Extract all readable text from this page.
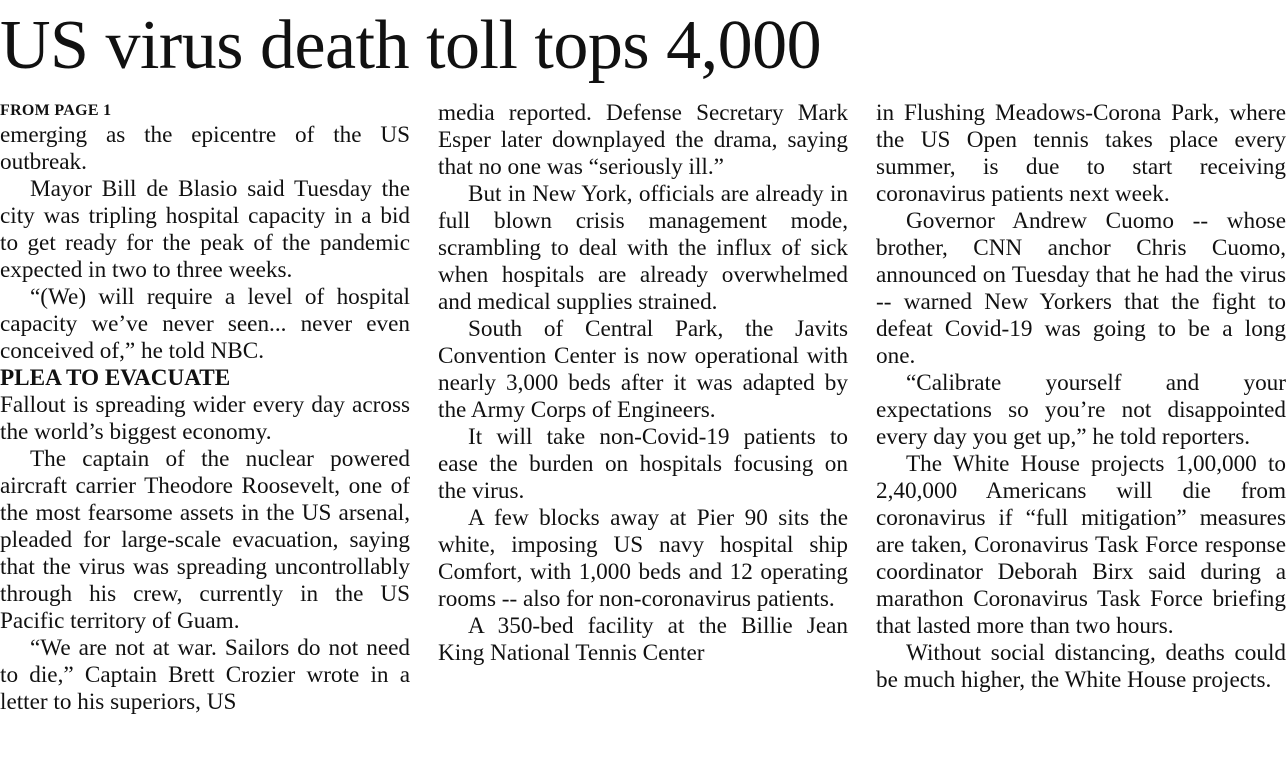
US virus death toll tops 4,000
FROM PAGE 1

emerging as the epicentre of the US outbreak.

Mayor Bill de Blasio said Tuesday the city was tripling hospital capacity in a bid to get ready for the peak of the pandemic expected in two to three weeks.

“(We) will require a level of hospital capacity we’ve never seen... never even conceived of,” he told NBC.

PLEA TO EVACUATE

Fallout is spreading wider every day across the world’s biggest economy.

The captain of the nuclear powered aircraft carrier Theodore Roosevelt, one of the most fearsome assets in the US arsenal, pleaded for large-scale evacuation, saying that the virus was spreading uncontrollably through his crew, currently in the US Pacific territory of Guam.

“We are not at war. Sailors do not need to die,” Captain Brett Crozier wrote in a letter to his superiors, US

media reported. Defense Secretary Mark Esper later downplayed the drama, saying that no one was “seriously ill.”

But in New York, officials are already in full blown crisis management mode, scrambling to deal with the influx of sick when hospitals are already overwhelmed and medical supplies strained.

South of Central Park, the Javits Convention Center is now operational with nearly 3,000 beds after it was adapted by the Army Corps of Engineers.

It will take non-Covid-19 patients to ease the burden on hospitals focusing on the virus.

A few blocks away at Pier 90 sits the white, imposing US navy hospital ship Comfort, with 1,000 beds and 12 operating rooms -- also for non-coronavirus patients.

A 350-bed facility at the Billie Jean King National Tennis Center

in Flushing Meadows-Corona Park, where the US Open tennis takes place every summer, is due to start receiving coronavirus patients next week.

Governor Andrew Cuomo -- whose brother, CNN anchor Chris Cuomo, announced on Tuesday that he had the virus -- warned New Yorkers that the fight to defeat Covid-19 was going to be a long one.

“Calibrate yourself and your expectations so you’re not disappointed every day you get up,” he told reporters.

The White House projects 1,00,000 to 2,40,000 Americans will die from coronavirus if “full mitigation” measures are taken, Coronavirus Task Force response coordinator Deborah Birx said during a marathon Coronavirus Task Force briefing that lasted more than two hours.

Without social distancing, deaths could be much higher, the White House projects.
